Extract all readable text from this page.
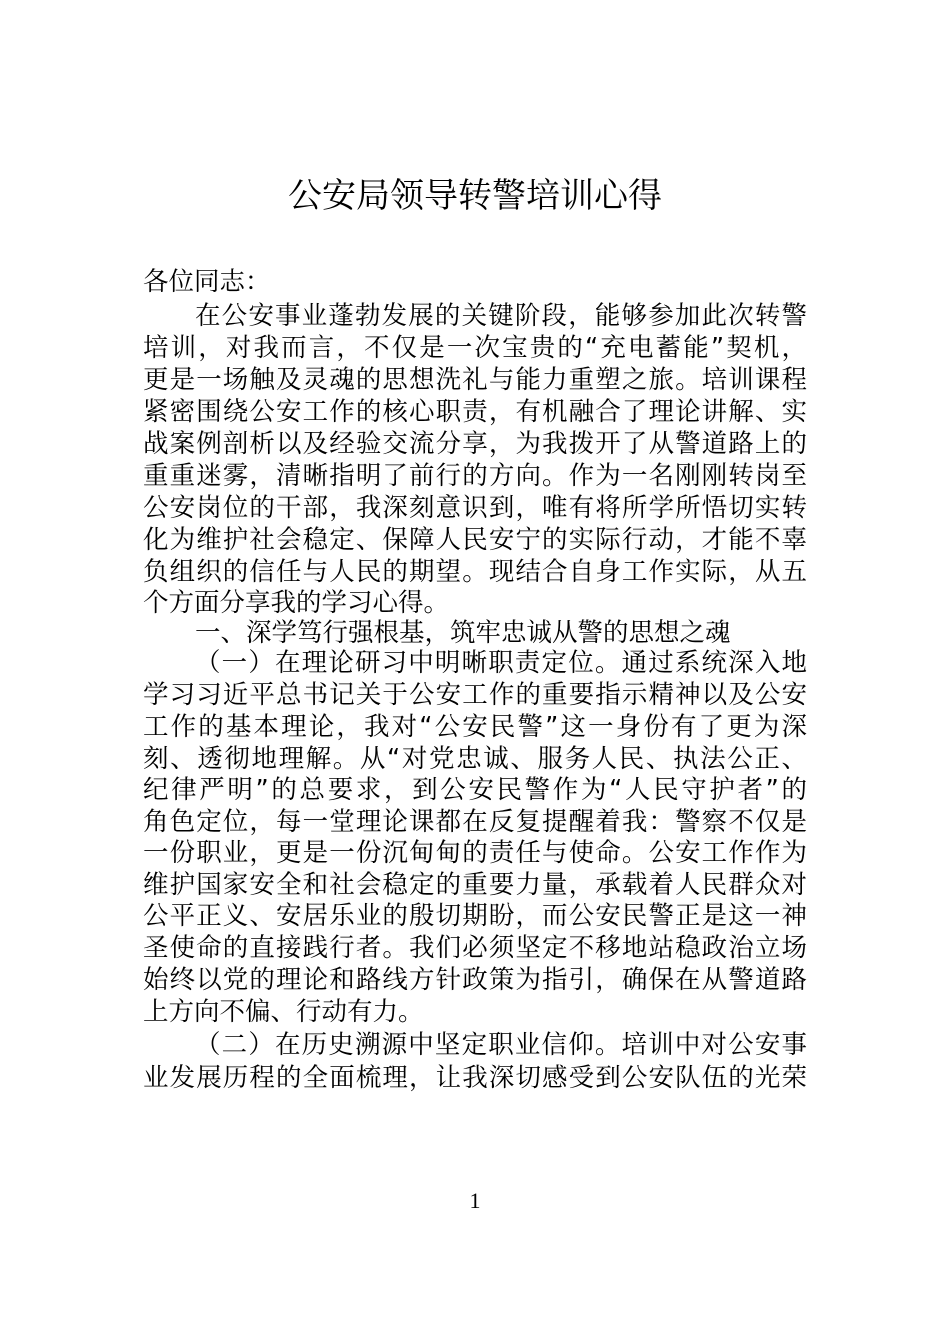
公安局领导转警培训心得
各位同志：
在公安事业蓬勃发展的关键阶段，能够参加此次转警
培训，对我而言，不仅是一次宝贵的“充电蓄能”契机，
更是一场触及灵魂的思想洗礼与能力重塑之旅。培训课程
紧密围绕公安工作的核心职责，有机融合了理论讲解、实
战案例剖析以及经验交流分享，为我拨开了从警道路上的
重重迷雾，清晰指明了前行的方向。作为一名刚刚转岗至
公安岗位的干部，我深刻意识到，唯有将所学所悟切实转
化为维护社会稳定、保障人民安宁的实际行动，才能不辜
负组织的信任与人民的期望。现结合自身工作实际，从五
个方面分享我的学习心得。
一、深学笃行强根基，筑牢忠诚从警的思想之魂
（一）在理论研习中明晰职责定位。通过系统深入地
学习习近平总书记关于公安工作的重要指示精神以及公安
工作的基本理论，我对“公安民警”这一身份有了更为深
刻、透彻地理解。从“对党忠诚、服务人民、执法公正、
纪律严明”的总要求，到公安民警作为“人民守护者”的
角色定位，每一堂理论课都在反复提醒着我：警察不仅是
一份职业，更是一份沉甸甸的责任与使命。公安工作作为
维护国家安全和社会稳定的重要力量，承载着人民群众对
公平正义、安居乐业的殷切期盼，而公安民警正是这一神
圣使命的直接践行者。我们必须坚定不移地站稳政治立场
始终以党的理论和路线方针政策为指引，确保在从警道路
上方向不偏、行动有力。
（二）在历史溯源中坚定职业信仰。培训中对公安事
业发展历程的全面梳理，让我深切感受到公安队伍的光荣
1
